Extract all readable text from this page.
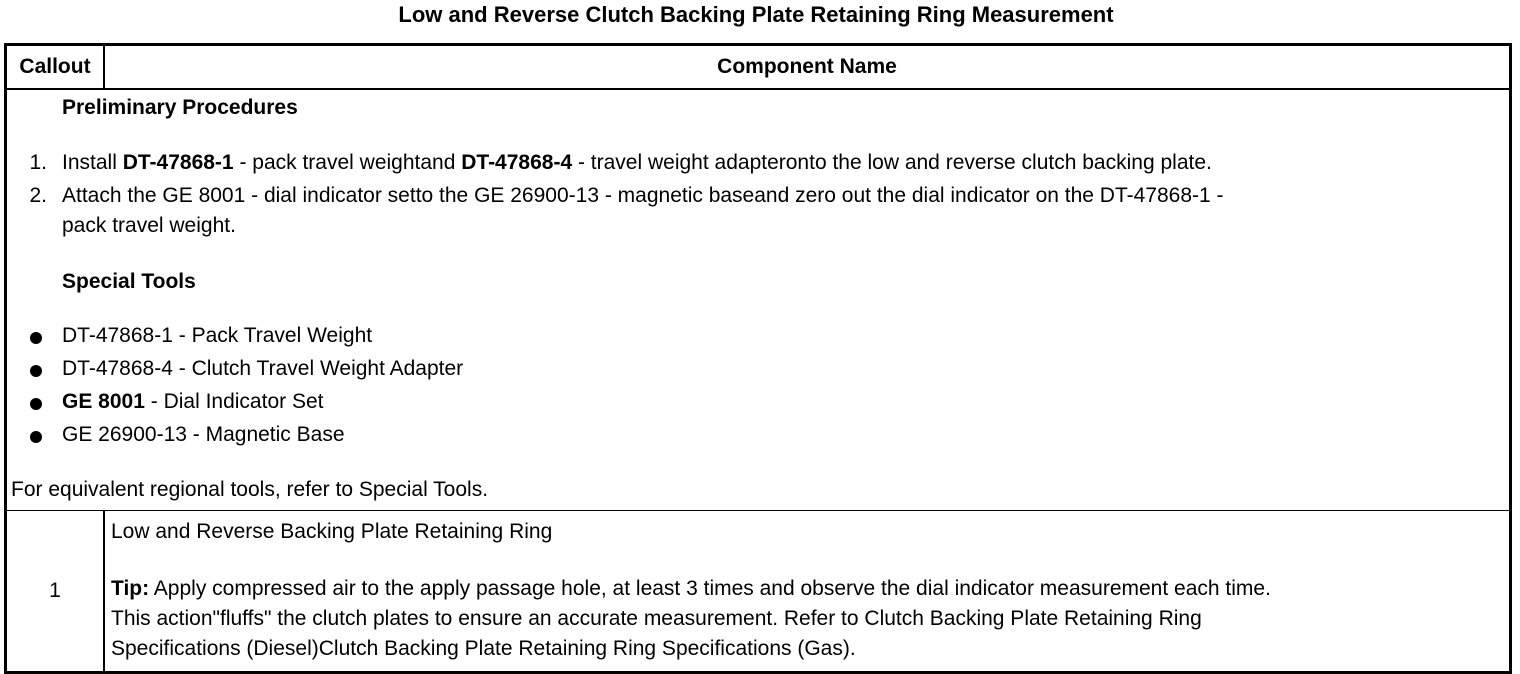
Low and Reverse Clutch Backing Plate Retaining Ring Measurement
Callout	Component Name
Preliminary Procedures
1. Install DT-47868-1 - pack travel weightand DT-47868-4 - travel weight adapteronto the low and reverse clutch backing plate.
2. Attach the GE 8001 - dial indicator setto the GE 26900-13 - magnetic baseand zero out the dial indicator on the DT-47868-1 -
pack travel weight.
Special Tools
DT-47868-1 - Pack Travel Weight
DT-47868-4 - Clutch Travel Weight Adapter
GE 8001 - Dial Indicator Set
GE 26900-13 - Magnetic Base
For equivalent regional tools, refer to Special Tools.
1
Low and Reverse Backing Plate Retaining Ring
Tip: Apply compressed air to the apply passage hole, at least 3 times and observe the dial indicator measurement each time.
This action"fluffs" the clutch plates to ensure an accurate measurement. Refer to Clutch Backing Plate Retaining Ring
Specifications (Diesel)Clutch Backing Plate Retaining Ring Specifications (Gas).
